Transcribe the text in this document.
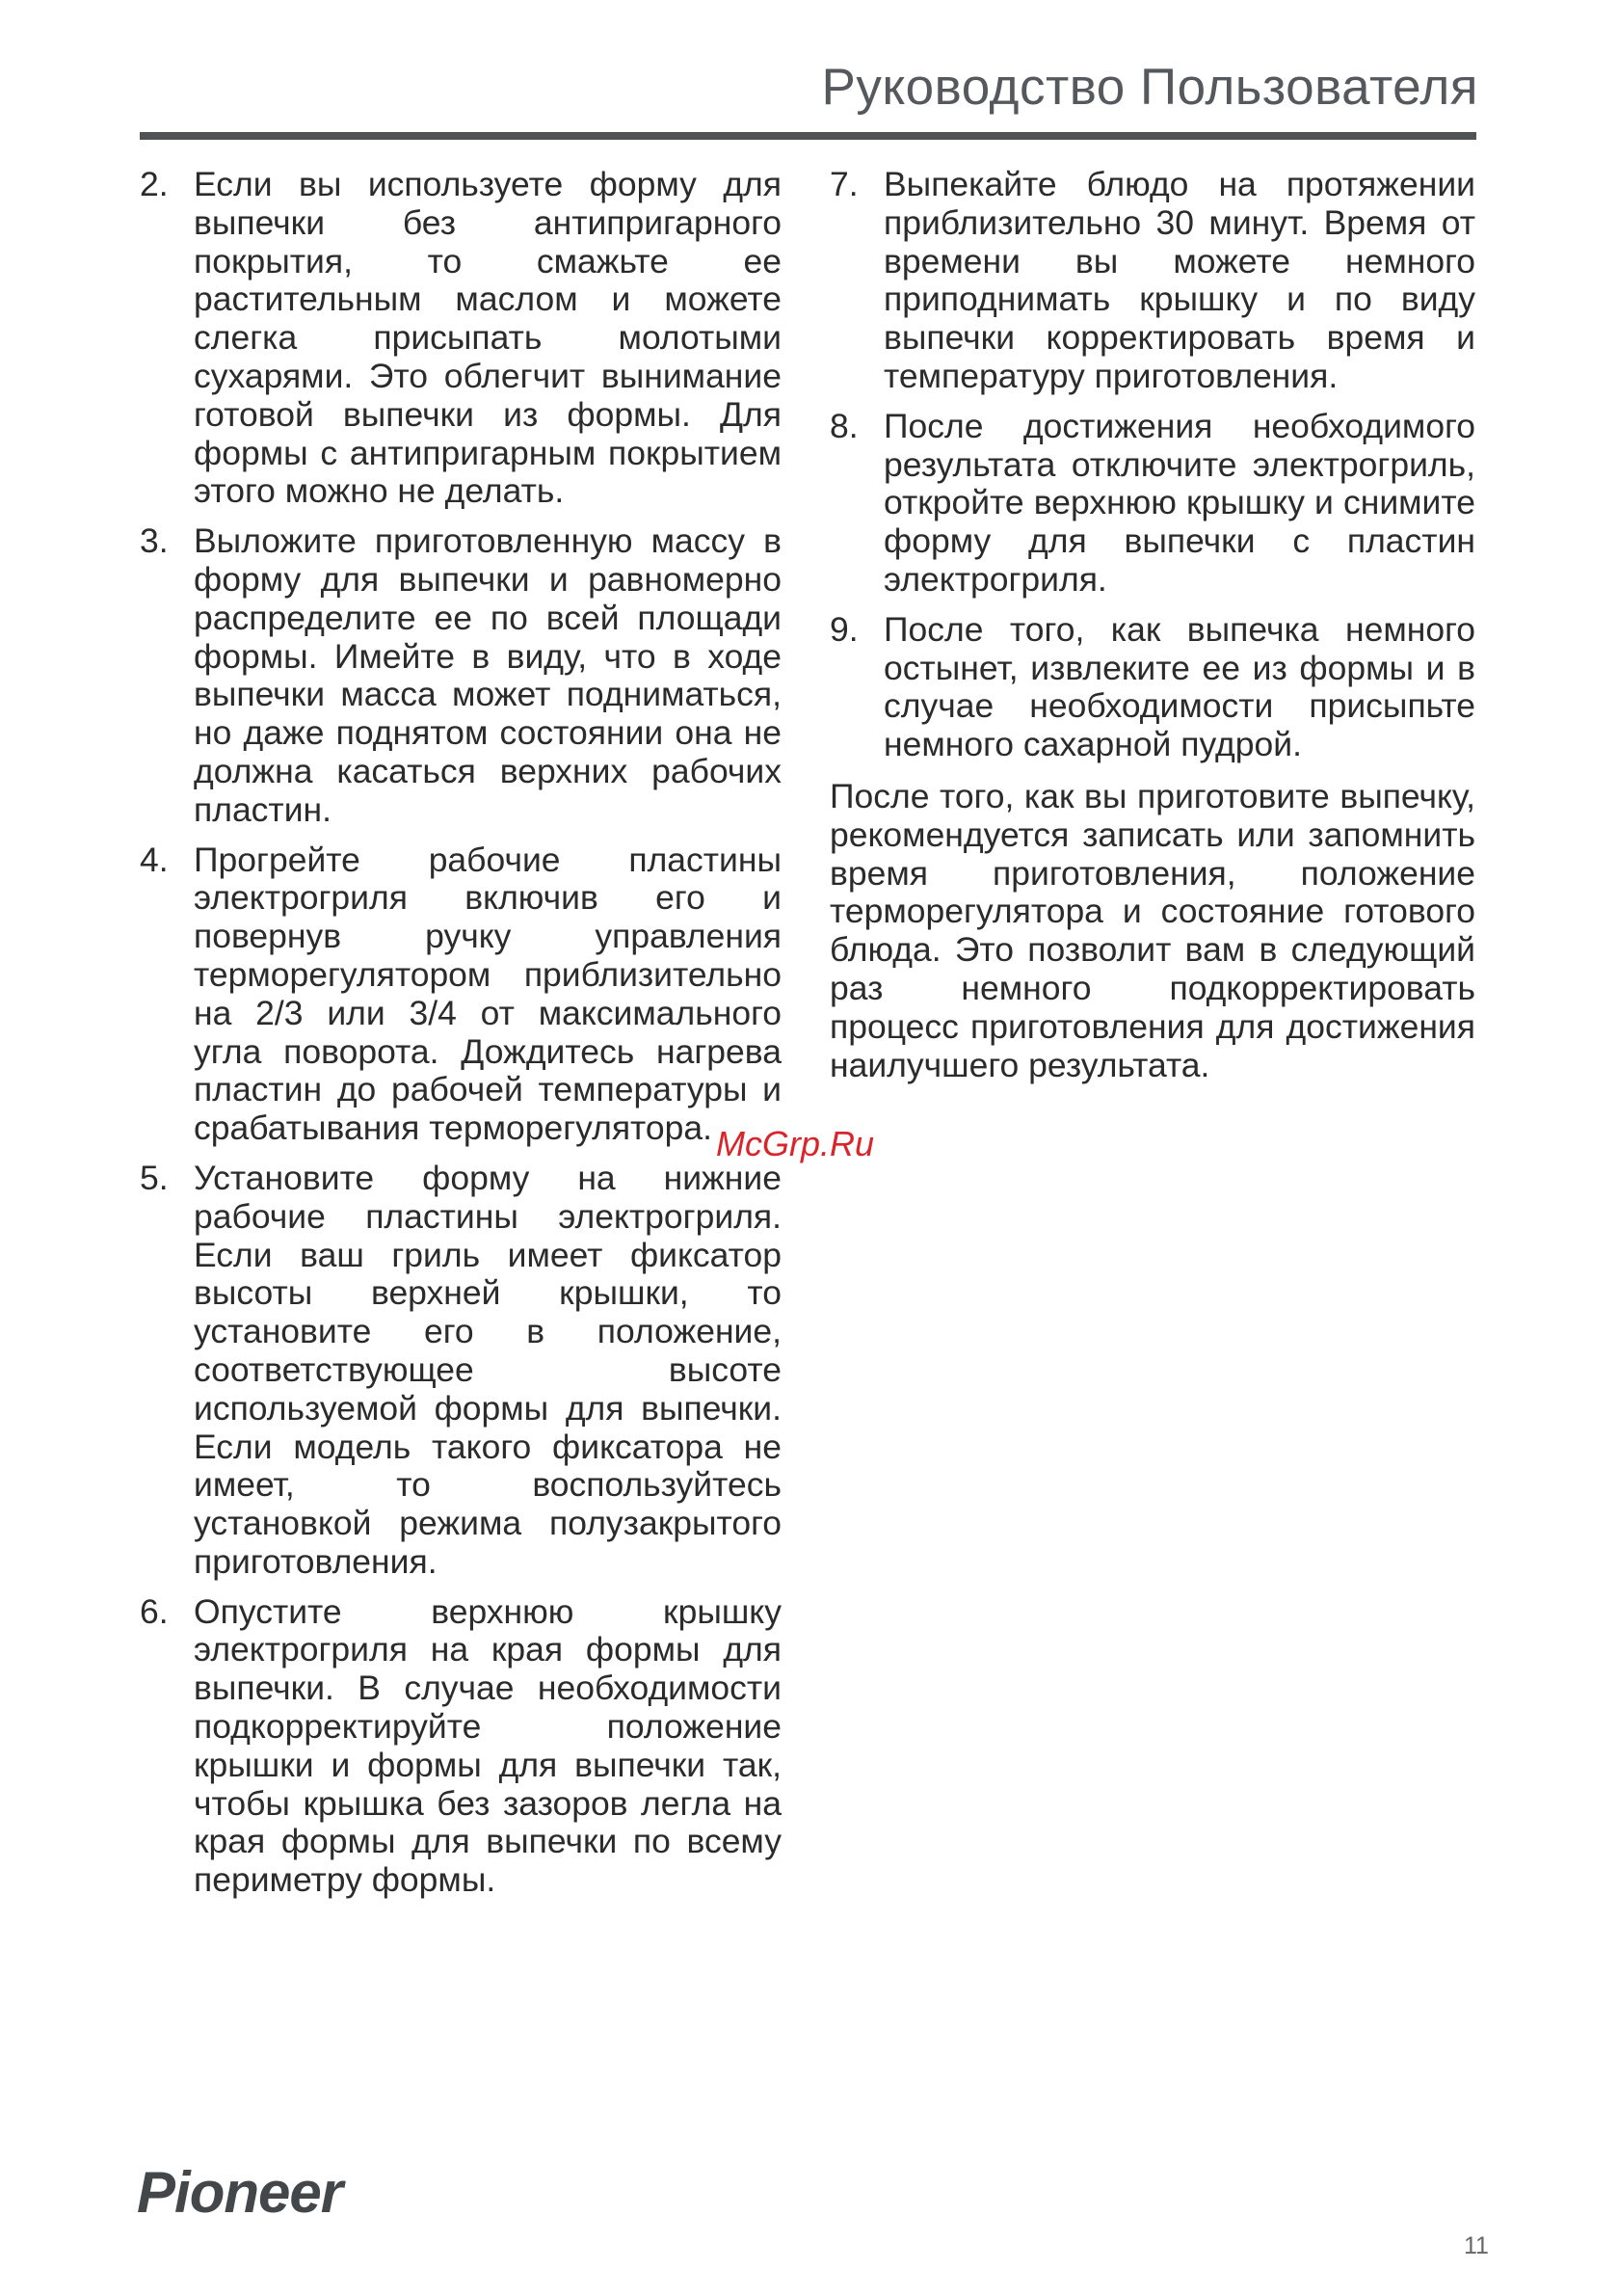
Руководство Пользователя
2. Если вы используете форму для выпечки без антипригарного покрытия, то смажьте ее растительным маслом и можете слегка присыпать молотыми сухарями. Это облегчит вынимание готовой выпечки из формы. Для формы с антипригарным покрытием этого можно не делать.
3. Выложите приготовленную массу в форму для выпечки и равномерно распределите ее по всей площади формы. Имейте в виду, что в ходе выпечки масса может подниматься, но даже поднятом состоянии она не должна касаться верхних рабочих пластин.
4. Прогрейте рабочие пластины электрогриля включив его и повернув ручку управления терморегулятором приблизительно на 2/3 или 3/4 от максимального угла поворота. Дождитесь нагрева пластин до рабочей температуры и срабатывания терморегулятора.
5. Установите форму на нижние рабочие пластины электрогриля. Если ваш гриль имеет фиксатор высоты верхней крышки, то установите его в положение, соответствующее высоте используемой формы для выпечки. Если модель такого фиксатора не имеет, то воспользуйтесь установкой режима полузакрытого приготовления.
6. Опустите верхнюю крышку электрогриля на края формы для выпечки. В случае необходимости подкорректируйте положение крышки и формы для выпечки так, чтобы крышка без зазоров легла на края формы для выпечки по всему периметру формы.
7. Выпекайте блюдо на протяжении приблизительно 30 минут. Время от времени вы можете немного приподнимать крышку и по виду выпечки корректировать время и температуру приготовления.
8. После достижения необходимого результата отключите электрогриль, откройте верхнюю крышку и снимите форму для выпечки с пластин электрогриля.
9. После того, как выпечка немного остынет, извлеките ее из формы и в случае необходимости присыпьте немного сахарной пудрой.

После того, как вы приготовите выпечку, рекомендуется записать или запомнить время приготовления, положение терморегулятора и состояние готового блюда. Это позволит вам в следующий раз немного подкорректировать процесс приготовления для достижения наилучшего результата.

McGrp.Ru
Pioneer
11
